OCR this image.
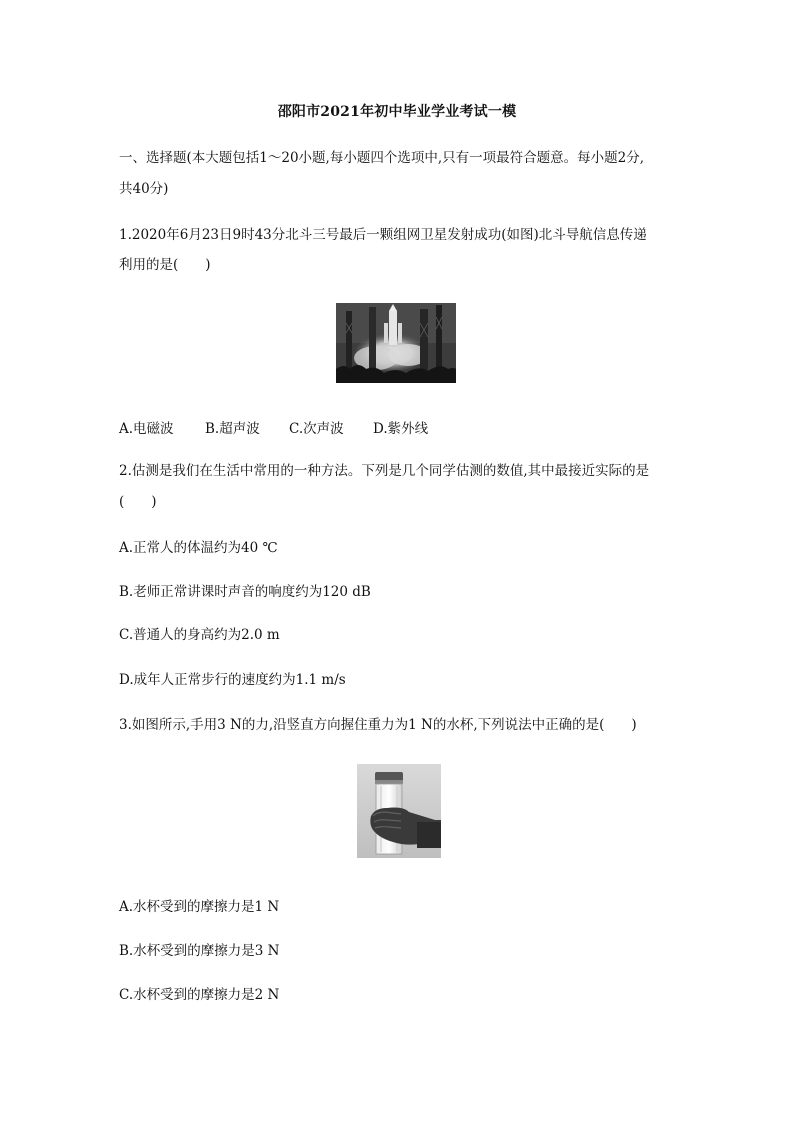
邵阳市2021年初中毕业学业考试一模
一、选择题(本大题包括1～20小题,每小题四个选项中,只有一项最符合题意。每小题2分,
共40分)
1.2020年6月23日9时43分北斗三号最后一颗组网卫星发射成功(如图)北斗导航信息传递
利用的是(　　)
A.电磁波 B.超声波 C.次声波 D.紫外线
2.估测是我们在生活中常用的一种方法。下列是几个同学估测的数值,其中最接近实际的是
(　　)
A.正常人的体温约为40 ℃
B.老师正常讲课时声音的响度约为120 dB
C.普通人的身高约为2.0 m
D.成年人正常步行的速度约为1.1 m/s
3.如图所示,手用3 N的力,沿竖直方向握住重力为1 N的水杯,下列说法中正确的是(　　)
A.水杯受到的摩擦力是1 N
B.水杯受到的摩擦力是3 N
C.水杯受到的摩擦力是2 N
